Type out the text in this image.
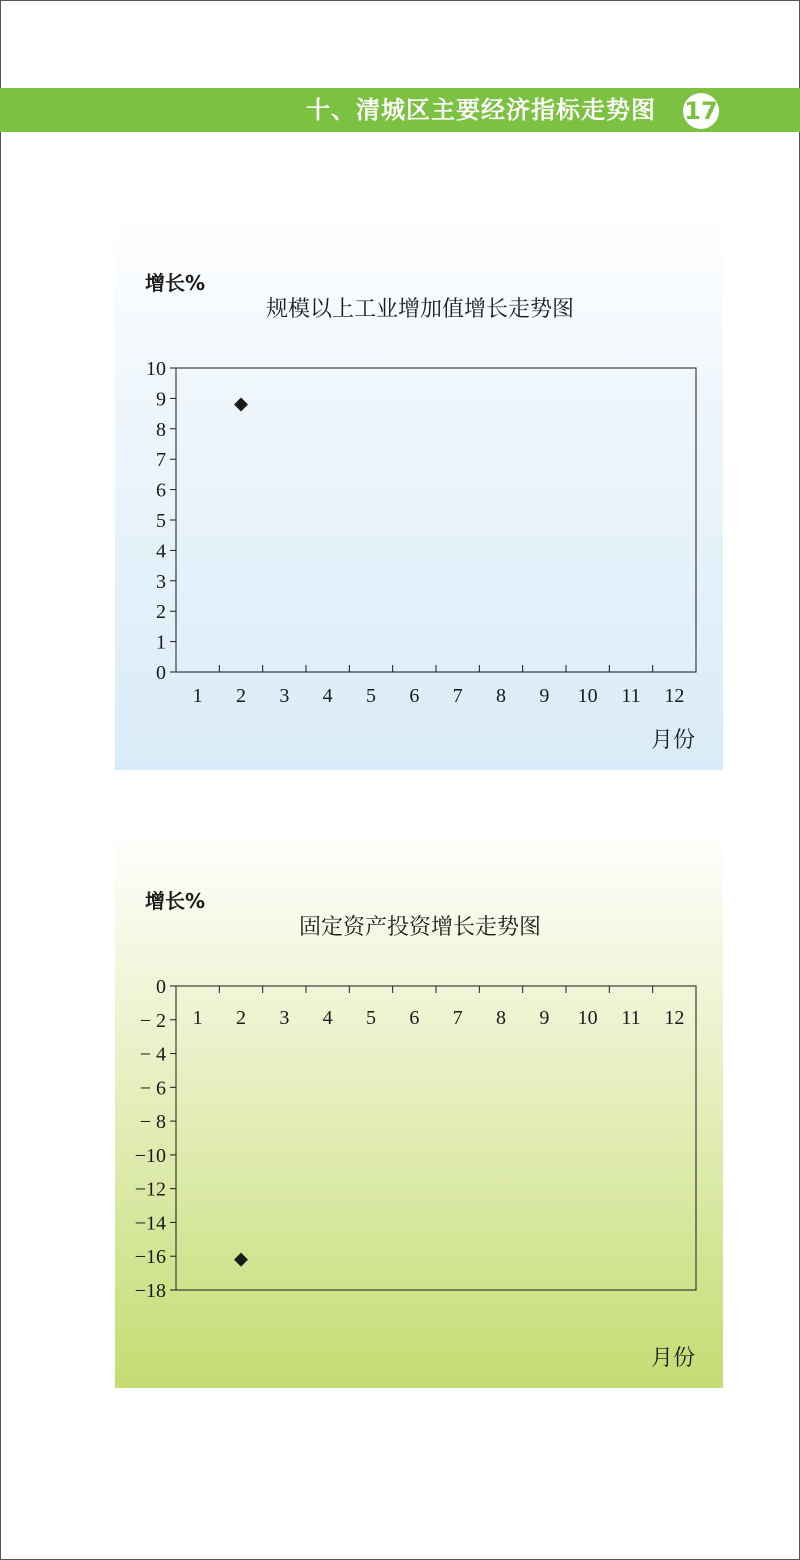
十、清城区主要经济指标走势图 17
增长%
规模以上工业增加值增长走势图
10
9
8
7
6
5
4
3
2
1
0
1 2 3 4 5 6 7 8 9 10 11 12
月份
增长%
固定资产投资增长走势图
0
− 2
− 4
− 6
− 8
−10
−12
−14
−16
−18
1 2 3 4 5 6 7 8 9 10 11 12
月份
